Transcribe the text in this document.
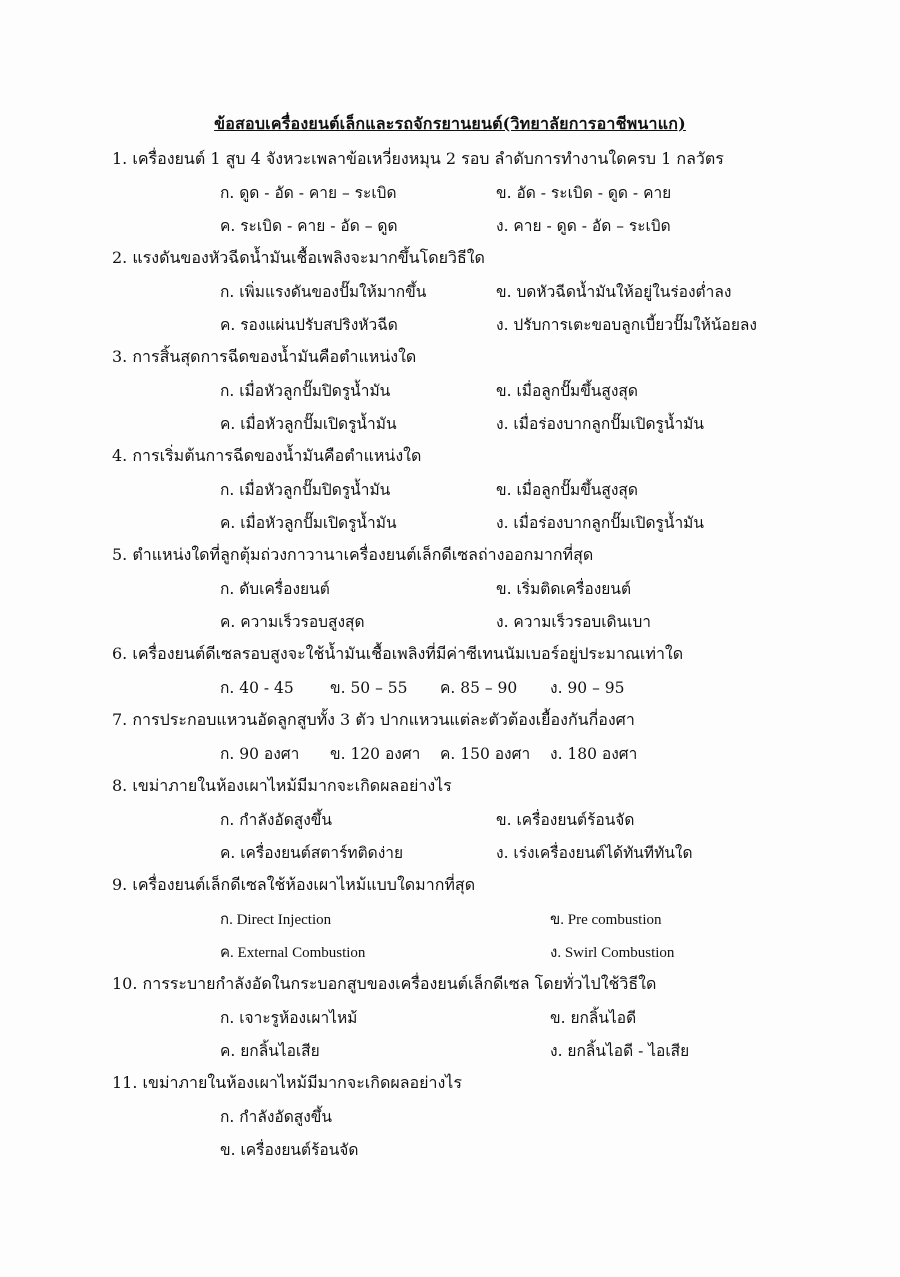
ข้อสอบเครื่องยนต์เล็กและรถจักรยานยนต์(วิทยาลัยการอาชีพนาแก)
1. เครื่องยนต์ 1 สูบ 4 จังหวะเพลาข้อเหวี่ยงหมุน 2 รอบ ลำดับการทำงานใดครบ 1 กลวัตร
ก. ดูด - อัด - คาย – ระเบิด	ข. อัด - ระเบิด - ดูด - คาย
ค. ระเบิด - คาย - อัด – ดูด	ง. คาย - ดูด - อัด – ระเบิด
2. แรงดันของหัวฉีดน้ำมันเชื้อเพลิงจะมากขึ้นโดยวิธีใด
ก. เพิ่มแรงดันของปั๊มให้มากขึ้น	ข. บดหัวฉีดน้ำมันให้อยู่ในร่องต่ำลง
ค. รองแผ่นปรับสปริงหัวฉีด	ง. ปรับการเตะขอบลูกเบี้ยวปั๊มให้น้อยลง
3. การสิ้นสุดการฉีดของน้ำมันคือตำแหน่งใด
ก. เมื่อหัวลูกปั๊มปิดรูน้ำมัน	ข. เมื่อลูกปั๊มขึ้นสูงสุด
ค. เมื่อหัวลูกปั๊มเปิดรูน้ำมัน	ง. เมื่อร่องบากลูกปั๊มเปิดรูน้ำมัน
4. การเริ่มต้นการฉีดของน้ำมันคือตำแหน่งใด
ก. เมื่อหัวลูกปั๊มปิดรูน้ำมัน	ข. เมื่อลูกปั๊มขึ้นสูงสุด
ค. เมื่อหัวลูกปั๊มเปิดรูน้ำมัน	ง. เมื่อร่องบากลูกปั๊มเปิดรูน้ำมัน
5. ตำแหน่งใดที่ลูกตุ้มถ่วงกาวานาเครื่องยนต์เล็กดีเซลถ่างออกมากที่สุด
ก. ดับเครื่องยนต์	ข. เริ่มติดเครื่องยนต์
ค. ความเร็วรอบสูงสุด	ง. ความเร็วรอบเดินเบา
6. เครื่องยนต์ดีเซลรอบสูงจะใช้น้ำมันเชื้อเพลิงที่มีค่าซีเทนนัมเบอร์อยู่ประมาณเท่าใด
ก. 40 - 45 ข. 50 – 55 ค. 85 – 90 ง. 90 – 95
7. การประกอบแหวนอัดลูกสูบทั้ง 3 ตัว ปากแหวนแต่ละตัวต้องเยื้องกันกี่องศา
ก. 90 องศา ข. 120 องศา ค. 150 องศา ง. 180 องศา
8. เขม่าภายในห้องเผาไหม้มีมากจะเกิดผลอย่างไร
ก. กำลังอัดสูงขึ้น	ข. เครื่องยนต์ร้อนจัด
ค. เครื่องยนต์สตาร์ทติดง่าย	ง. เร่งเครื่องยนต์ได้ทันทีทันใด
9. เครื่องยนต์เล็กดีเซลใช้ห้องเผาไหม้แบบใดมากที่สุด
ก. Direct Injection	ข. Pre combustion
ค. External Combustion	ง. Swirl Combustion
10. การระบายกำลังอัดในกระบอกสูบของเครื่องยนต์เล็กดีเซล โดยทั่วไปใช้วิธีใด
ก. เจาะรูห้องเผาไหม้	ข. ยกลิ้นไอดี
ค. ยกลิ้นไอเสีย	ง. ยกลิ้นไอดี - ไอเสีย
11. เขม่าภายในห้องเผาไหม้มีมากจะเกิดผลอย่างไร
ก. กำลังอัดสูงขึ้น
ข. เครื่องยนต์ร้อนจัด
